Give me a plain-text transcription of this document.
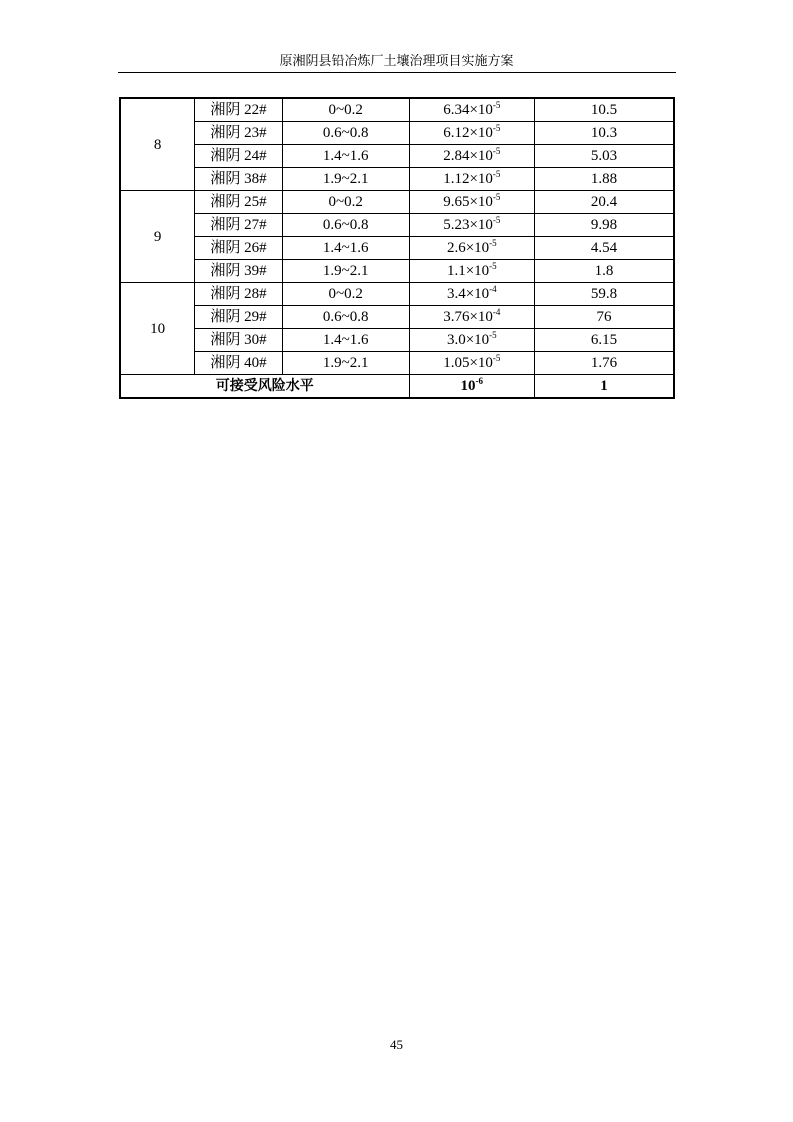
原湘阴县铅冶炼厂土壤治理项目实施方案
8	湘阴 22#	0~0.2	$6.34\times 10^{-5}$	10.5
	湘阴 23#	0.6~0.8	$6.12\times 10^{-5}$	10.3
	湘阴 24#	1.4~1.6	$2.84\times 10^{-5}$	5.03
	湘阴 38#	1.9~2.1	$1.12\times 10^{-5}$	1.88
9	湘阴 25#	0~0.2	$9.65\times 10^{-5}$	20.4
	湘阴 27#	0.6~0.8	$5.23\times 10^{-5}$	9.98
	湘阴 26#	1.4~1.6	$2.6\times 10^{-5}$	4.54
	湘阴 39#	1.9~2.1	$1.1\times 10^{-5}$	1.8
10	湘阴 28#	0~0.2	$3.4\times 10^{-4}$	59.8
	湘阴 29#	0.6~0.8	$3.76\times 10^{-4}$	76
	湘阴 30#	1.4~1.6	$3.0\times 10^{-5}$	6.15
	湘阴 40#	1.9~2.1	$1.05\times 10^{-5}$	1.76
可接受风险水平			$10^{-6}$	1
45
